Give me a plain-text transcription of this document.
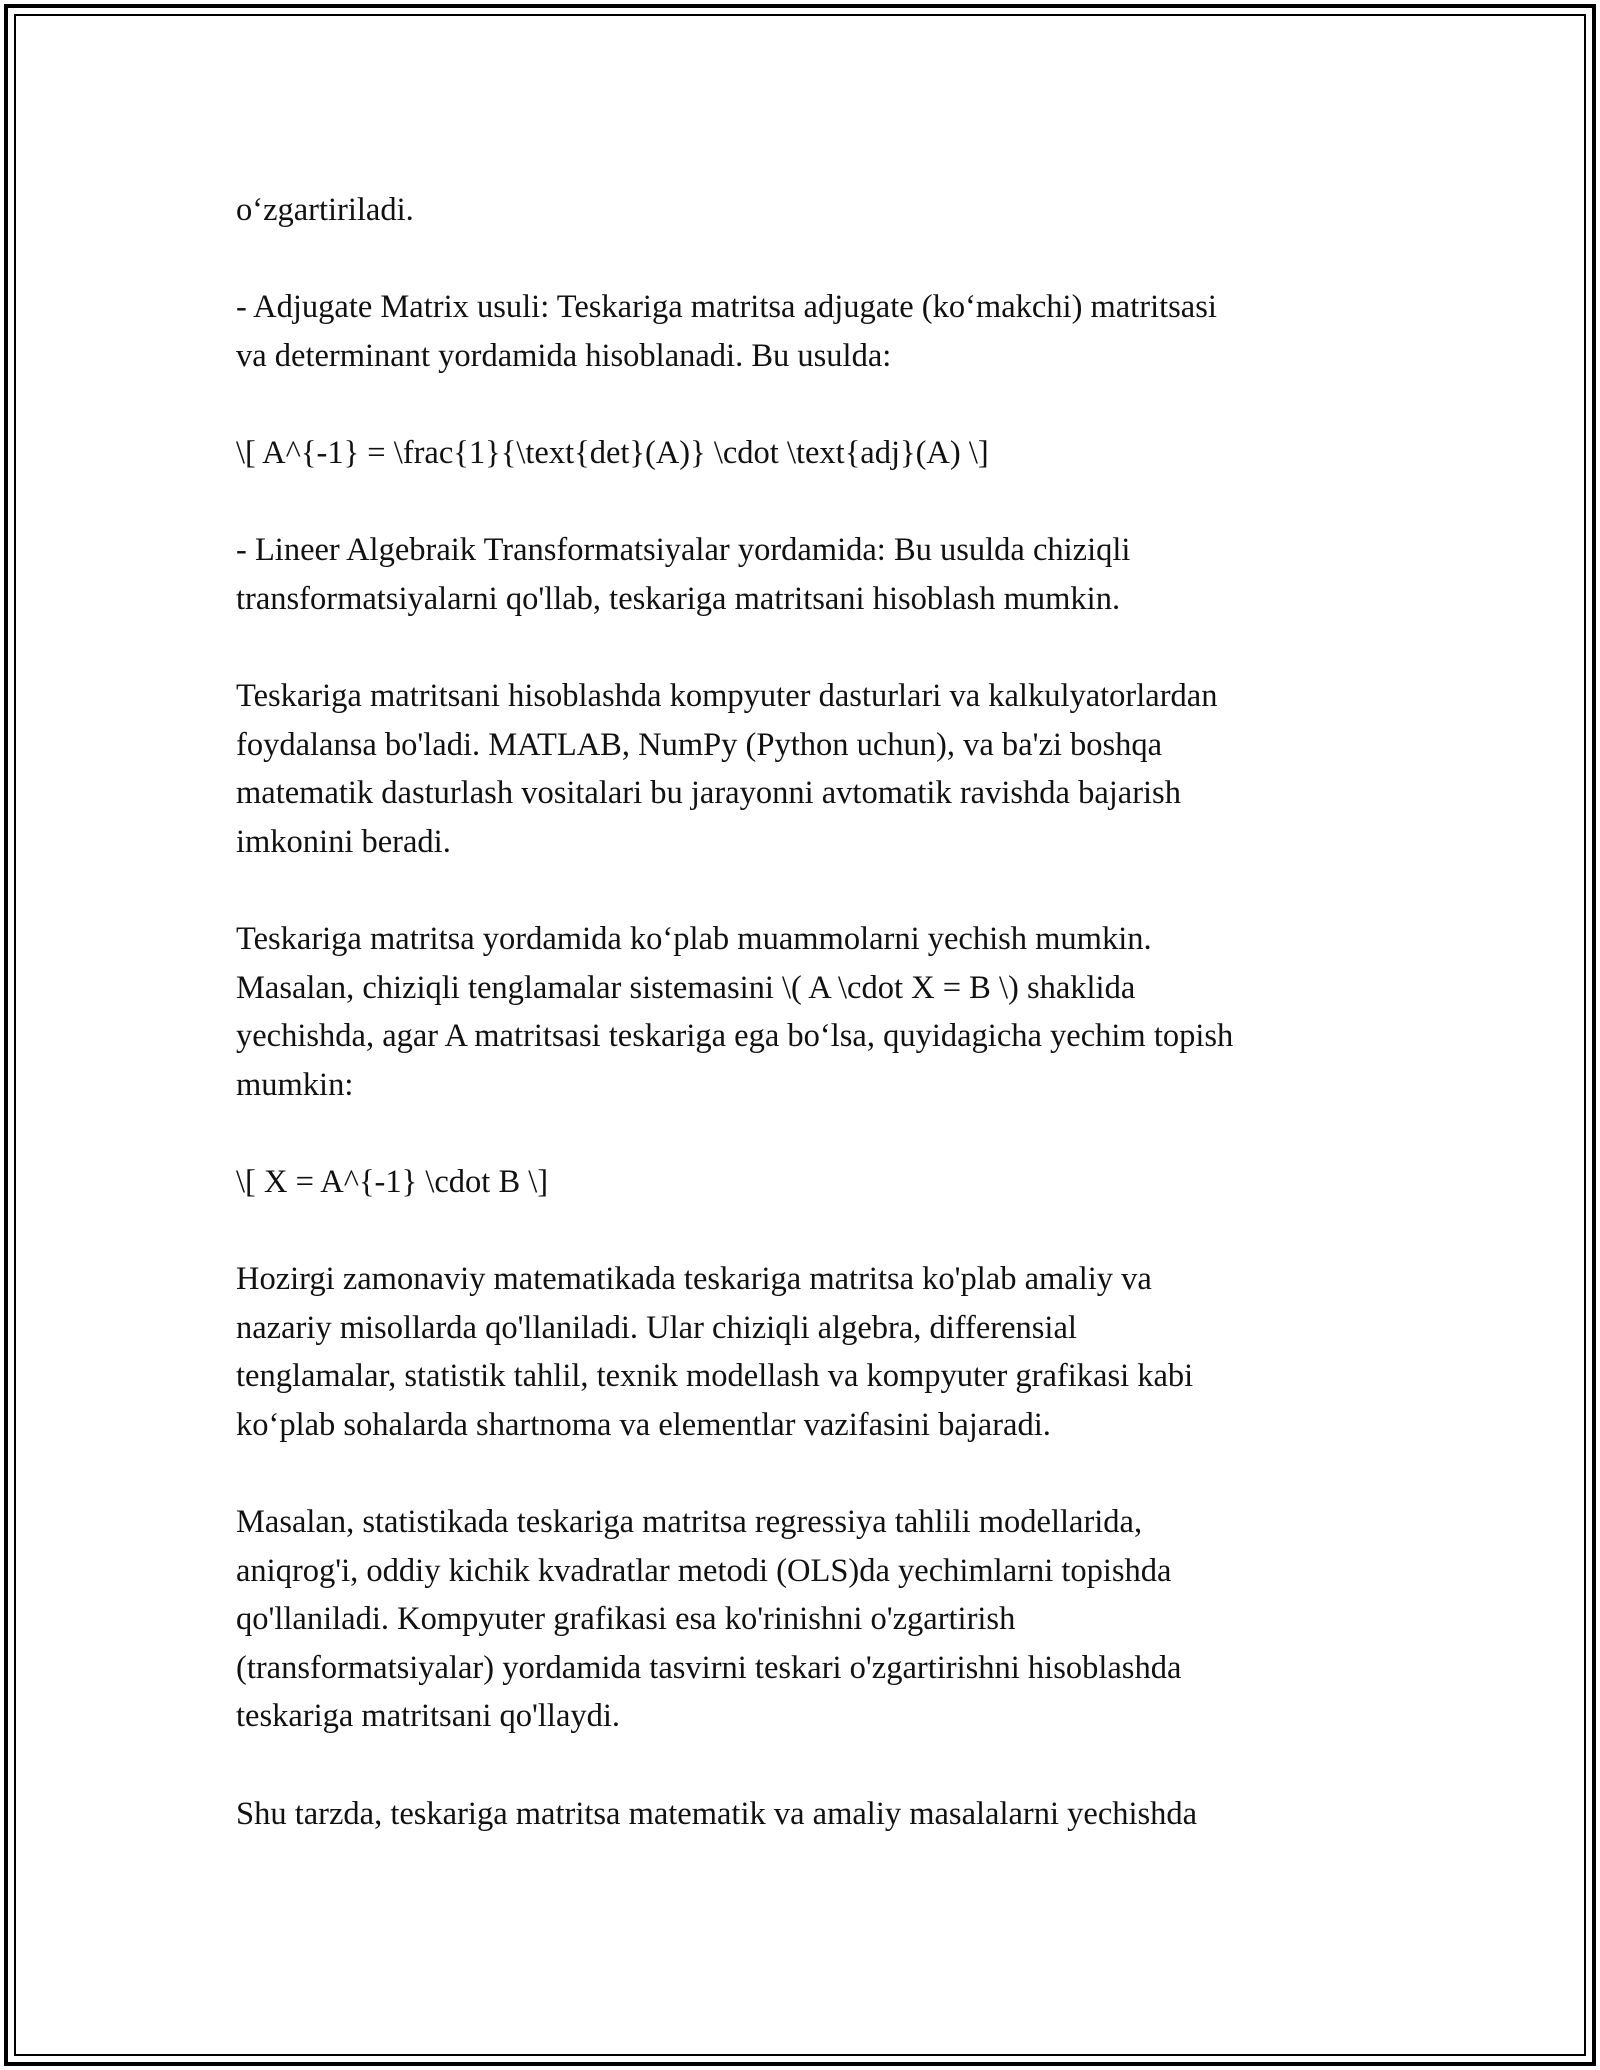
o‘zgartiriladi.

- Adjugate Matrix usuli: Teskariga matritsa adjugate (ko‘makchi) matritsasi
va determinant yordamida hisoblanadi. Bu usulda:

\[ A^{-1} = \frac{1}{\text{det}(A)} \cdot \text{adj}(A) \]

- Lineer Algebraik Transformatsiyalar yordamida: Bu usulda chiziqli
transformatsiyalarni qo'llab, teskariga matritsani hisoblash mumkin.

Teskariga matritsani hisoblashda kompyuter dasturlari va kalkulyatorlardan
foydalansa bo'ladi. MATLAB, NumPy (Python uchun), va ba'zi boshqa
matematik dasturlash vositalari bu jarayonni avtomatik ravishda bajarish
imkonini beradi.

Teskariga matritsa yordamida ko‘plab muammolarni yechish mumkin.
Masalan, chiziqli tenglamalar sistemasini \( A \cdot X = B \) shaklida
yechishda, agar A matritsasi teskariga ega bo‘lsa, quyidagicha yechim topish
mumkin:

\[ X = A^{-1} \cdot B \]

Hozirgi zamonaviy matematikada teskariga matritsa ko'plab amaliy va
nazariy misollarda qo'llaniladi. Ular chiziqli algebra, differensial
tenglamalar, statistik tahlil, texnik modellash va kompyuter grafikasi kabi
ko‘plab sohalarda shartnoma va elementlar vazifasini bajaradi.

Masalan, statistikada teskariga matritsa regressiya tahlili modellarida,
aniqrog'i, oddiy kichik kvadratlar metodi (OLS)da yechimlarni topishda
qo'llaniladi. Kompyuter grafikasi esa ko'rinishni o'zgartirish
(transformatsiyalar) yordamida tasvirni teskari o'zgartirishni hisoblashda
teskariga matritsani qo'llaydi.

Shu tarzda, teskariga matritsa matematik va amaliy masalalarni yechishda
